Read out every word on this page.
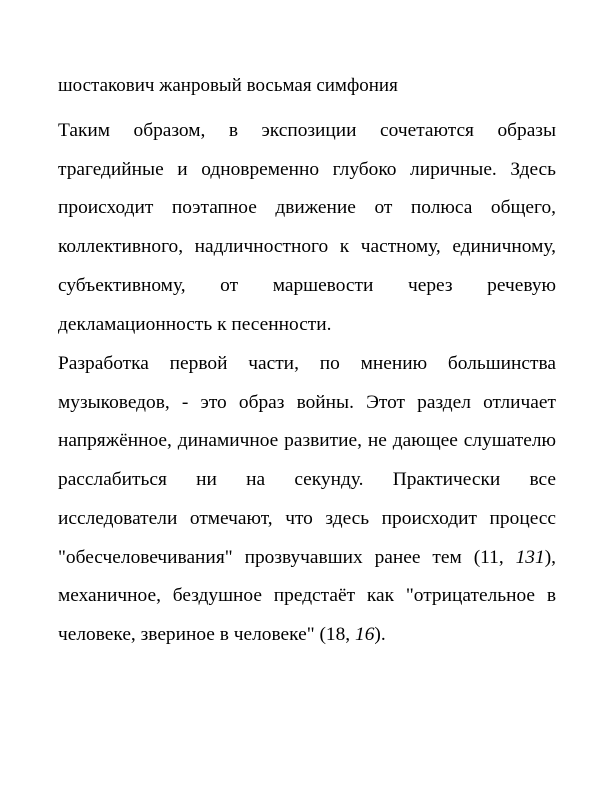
шостакович жанровый восьмая симфония

Таким образом, в экспозиции сочетаются образы трагедийные и одновременно глубоко лиричные. Здесь происходит поэтапное движение от полюса общего, коллективного, надличностного к частному, единичному, субъективному, от маршевости через речевую декламационность к песенности.

Разработка первой части, по мнению большинства музыковедов, - это образ войны. Этот раздел отличает напряжённое, динамичное развитие, не дающее слушателю расслабиться ни на секунду. Практически все исследователи отмечают, что здесь происходит процесс "обесчеловечивания" прозвучавших ранее тем (11, 131), механичное, бездушное предстаёт как "отрицательное в человеке, звериное в человеке" (18, 16).
